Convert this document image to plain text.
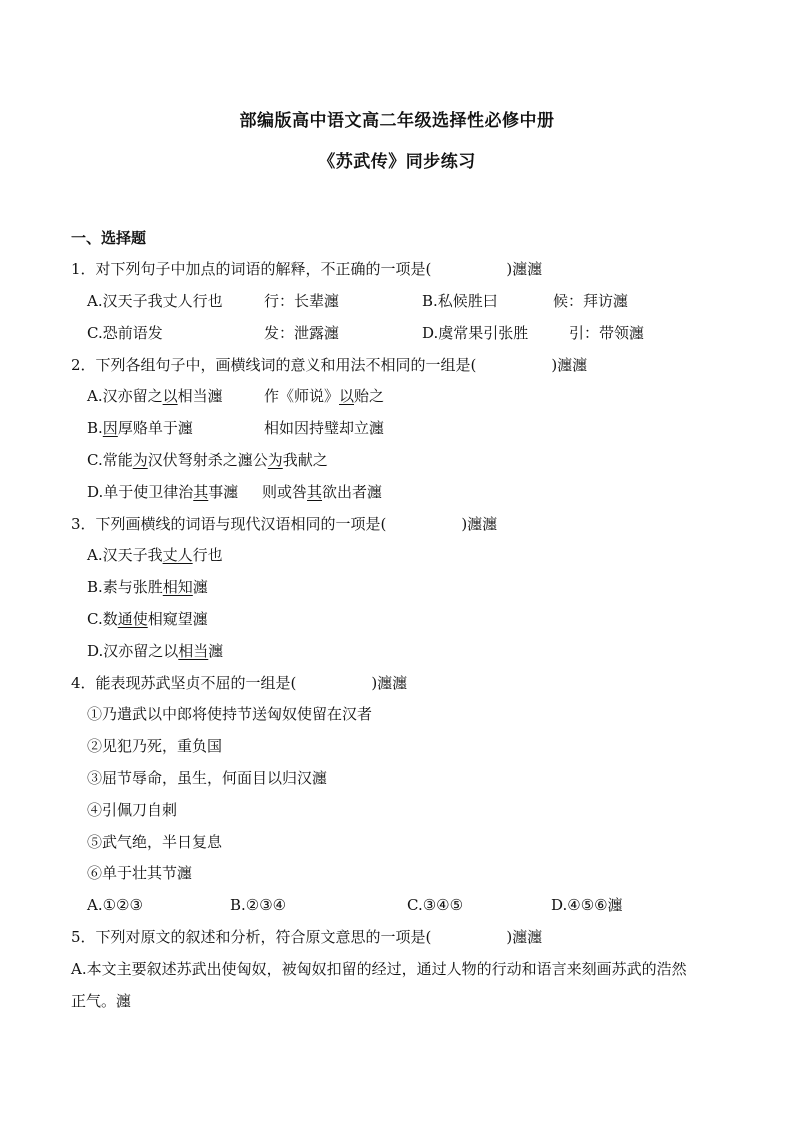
部编版高中语文高二年级选择性必修中册
《苏武传》同步练习
一、选择题
1．对下列句子中加点的词语的解释，不正确的一项是(　　　　　)瀍瀍
A.汉天子我丈人行也	行：长辈瀍	B.私候胜曰	候：拜访瀍
C.恐前语发	发：泄露瀍	D.虞常果引张胜	引：带领瀍
2．下列各组句子中，画横线词的意义和用法不相同的一组是(　　　　　)瀍瀍
A.汉亦留之以相当瀍	作《师说》以贻之
B.因厚赂单于瀍	相如因持璧却立瀍
C.常能为汉伏弩射杀之瀍公为我献之
D.单于使卫律治其事瀍 则或咎其欲出者瀍
3．下列画横线的词语与现代汉语相同的一项是(　　　　　)瀍瀍
A.汉天子我丈人行也
B.素与张胜相知瀍
C.数通使相窥望瀍
D.汉亦留之以相当瀍
4．能表现苏武坚贞不屈的一组是(　　　　　)瀍瀍
①乃遣武以中郎将使持节送匈奴使留在汉者
②见犯乃死，重负国
③屈节辱命，虽生，何面目以归汉瀍
④引佩刀自刺
⑤武气绝，半日复息
⑥单于壮其节瀍
A.①②③	B.②③④	C.③④⑤	D.④⑤⑥瀍
5．下列对原文的叙述和分析，符合原文意思的一项是(　　　　　)瀍瀍
A.本文主要叙述苏武出使匈奴，被匈奴扣留的经过，通过人物的行动和语言来刻画苏武的浩然
正气。瀍
